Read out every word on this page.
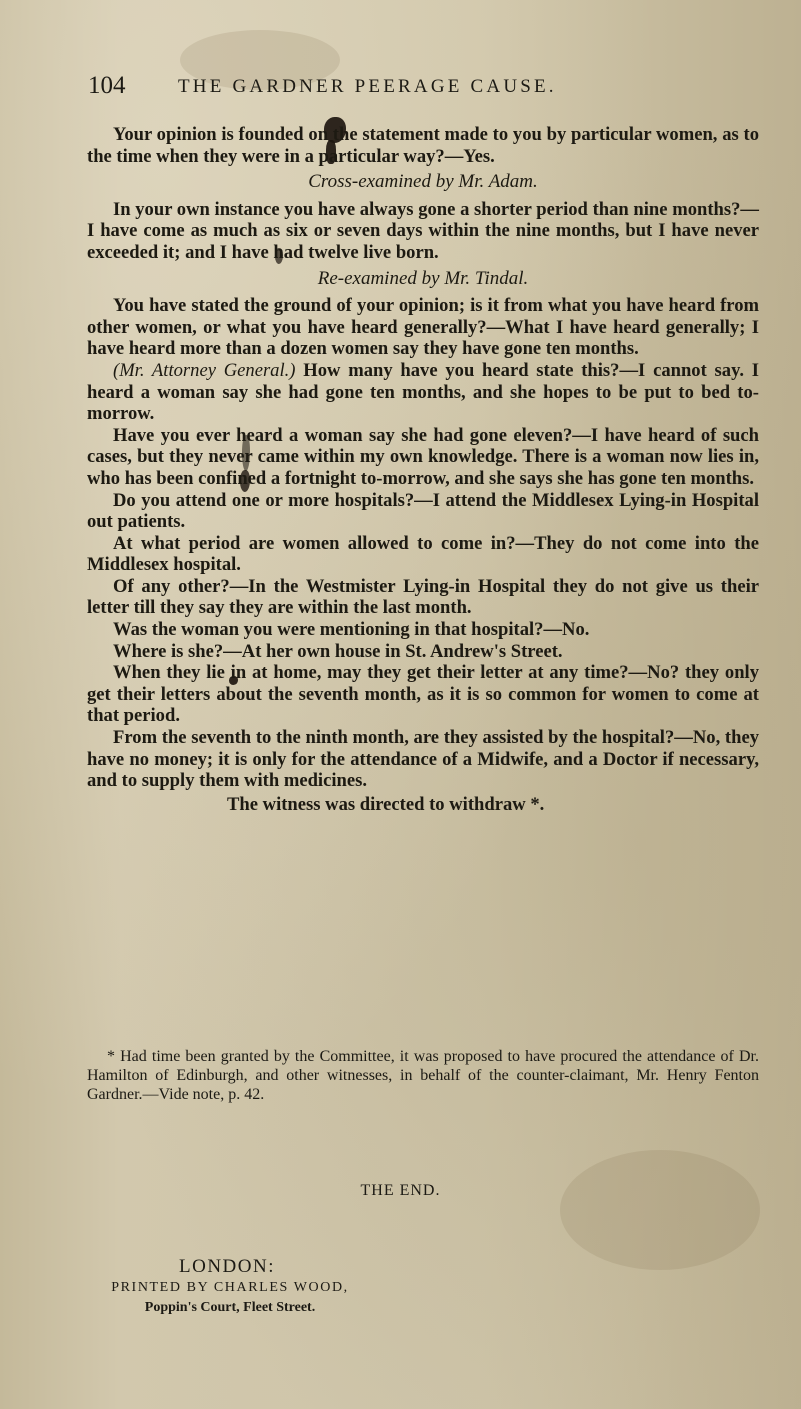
104	THE GARDNER PEERAGE CAUSE.

Your opinion is founded on the statement made to you by particular women, as to the time when they were in a particular way?—Yes.

Cross-examined by Mr. Adam.

In your own instance you have always gone a shorter period than nine months?—I have come as much as six or seven days within the nine months, but I have never exceeded it; and I have had twelve live born.

Re-examined by Mr. Tindal.

You have stated the ground of your opinion; is it from what you have heard from other women, or what you have heard generally?—What I have heard generally; I have heard more than a dozen women say they have gone ten months.

(Mr. Attorney General.) How many have you heard state this?—I cannot say. I heard a woman say she had gone ten months, and she hopes to be put to bed to-morrow.

Have you ever heard a woman say she had gone eleven?—I have heard of such cases, but they never came within my own knowledge. There is a woman now lies in, who has been confined a fortnight to-morrow, and she says she has gone ten months.

Do you attend one or more hospitals?—I attend the Middlesex Lying-in Hospital out patients.

At what period are women allowed to come in?—They do not come into the Middlesex hospital.

Of any other?—In the Westmister Lying-in Hospital they do not give us their letter till they say they are within the last month.

Was the woman you were mentioning in that hospital?—No.

Where is she?—At her own house in St. Andrew's Street.

When they lie in at home, may they get their letter at any time?—No? they only get their letters about the seventh month, as it is so common for women to come at that period.

From the seventh to the ninth month, are they assisted by the hospital?—No, they have no money; it is only for the attendance of a Midwife, and a Doctor if necessary, and to supply them with medicines.

The witness was directed to withdraw *.

* Had time been granted by the Committee, it was proposed to have procured the attendance of Dr. Hamilton of Edinburgh, and other witnesses, in behalf of the counter-claimant, Mr. Henry Fenton Gardner.—Vide note, p. 42.

THE END.
LONDON:
PRINTED BY CHARLES WOOD,
Poppin's Court, Fleet Street.
